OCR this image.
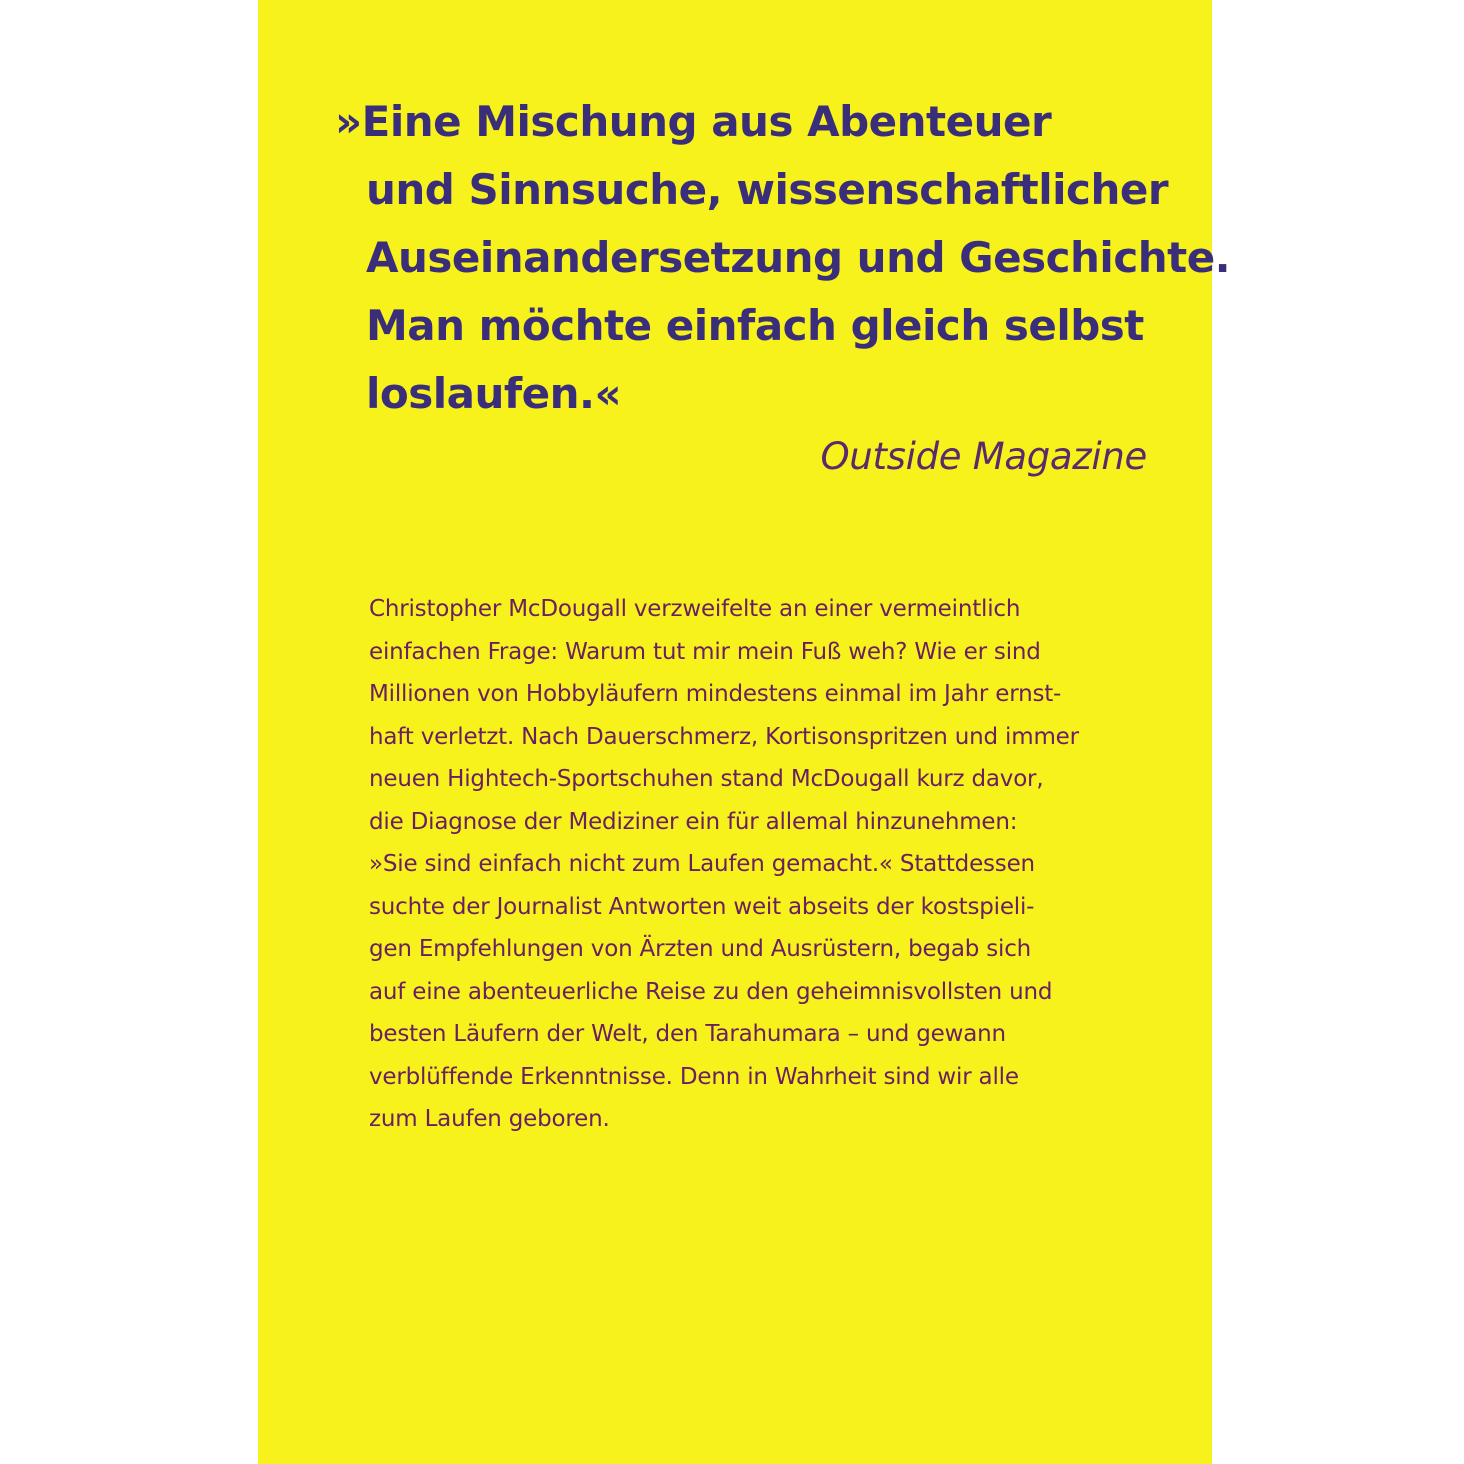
»Eine Mischung aus Abenteuer
und Sinnsuche, wissenschaftlicher
Auseinandersetzung und Geschichte.
Man möchte einfach gleich selbst
loslaufen.«

Outside Magazine

Christopher McDougall verzweifelte an einer vermeintlich
einfachen Frage: Warum tut mir mein Fuß weh? Wie er sind
Millionen von Hobbyläufern mindestens einmal im Jahr ernst-
haft verletzt. Nach Dauerschmerz, Kortisonspritzen und immer
neuen Hightech-Sportschuhen stand McDougall kurz davor,
die Diagnose der Mediziner ein für allemal hinzunehmen:
»Sie sind einfach nicht zum Laufen gemacht.« Stattdessen
suchte der Journalist Antworten weit abseits der kostspieli-
gen Empfehlungen von Ärzten und Ausrüstern, begab sich
auf eine abenteuerliche Reise zu den geheimnisvollsten und
besten Läufern der Welt, den Tarahumara – und gewann
verblüffende Erkenntnisse. Denn in Wahrheit sind wir alle
zum Laufen geboren.
